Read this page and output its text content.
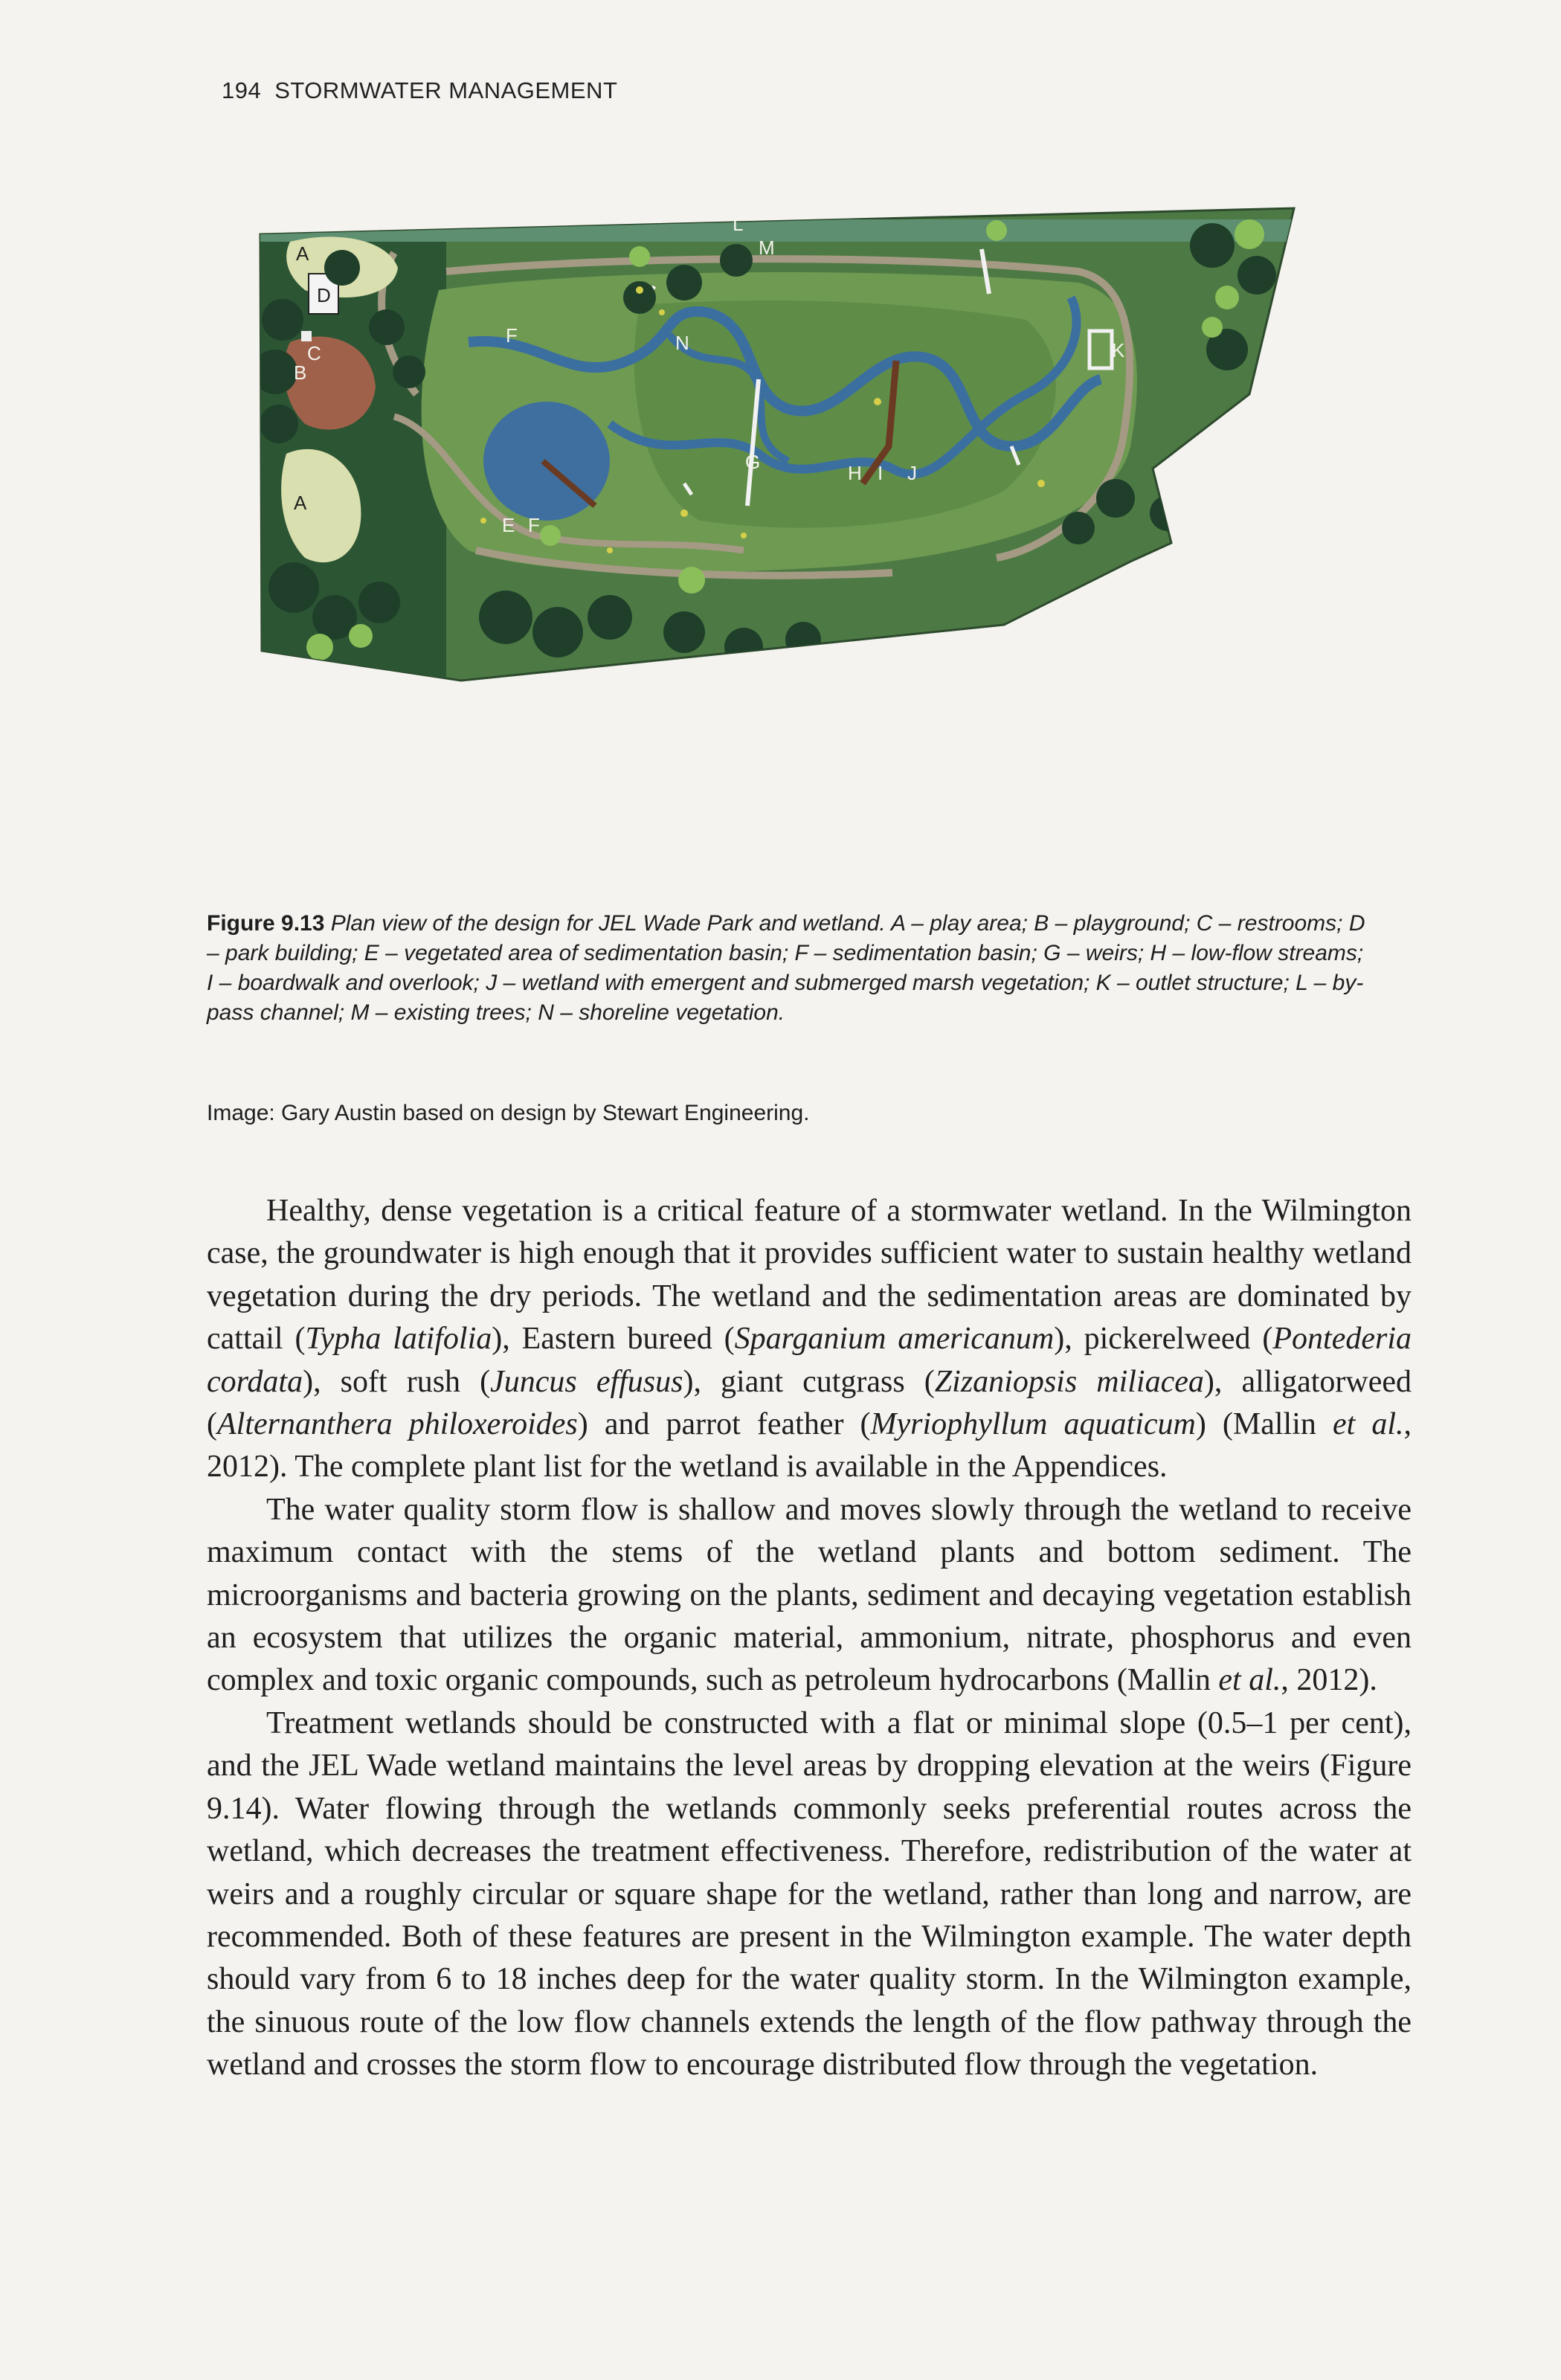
194 STORMWATER MANAGEMENT
A
D
C
B
A
E F
F
G	H I J
K
L
M
N
Figure 9.13 Plan view of the design for JEL Wade Park and wetland. A – play area; B – playground; C – restrooms; D – park building; E – vegetated area of sedimentation basin; F – sedimentation basin; G – weirs; H – low-flow streams; I – boardwalk and overlook; J – wetland with emergent and submerged marsh vegetation; K – outlet structure; L – by-pass channel; M – existing trees; N – shoreline vegetation.
Image: Gary Austin based on design by Stewart Engineering.

Healthy, dense vegetation is a critical feature of a stormwater wetland. In the Wilmington case, the groundwater is high enough that it provides sufficient water to sustain healthy wetland vegetation during the dry periods. The wetland and the sedimentation areas are dominated by cattail (Typha latifolia), Eastern bureed (Sparganium americanum), pickerelweed (Pontederia cordata), soft rush (Juncus effusus), giant cutgrass (Zizaniopsis miliacea), alligatorweed (Alternanthera philoxeroides) and parrot feather (Myriophyllum aquaticum) (Mallin et al., 2012). The complete plant list for the wetland is available in the Appendices.

The water quality storm flow is shallow and moves slowly through the wetland to receive maximum contact with the stems of the wetland plants and bottom sediment. The microorganisms and bacteria growing on the plants, sediment and decaying vegetation establish an ecosystem that utilizes the organic material, ammonium, nitrate, phosphorus and even complex and toxic organic compounds, such as petroleum hydrocarbons (Mallin et al., 2012).

Treatment wetlands should be constructed with a flat or minimal slope (0.5–1 per cent), and the JEL Wade wetland maintains the level areas by dropping elevation at the weirs (Figure 9.14). Water flowing through the wetlands commonly seeks preferential routes across the wetland, which decreases the treatment effectiveness. Therefore, redistribution of the water at weirs and a roughly circular or square shape for the wetland, rather than long and narrow, are recommended. Both of these features are present in the Wilmington example. The water depth should vary from 6 to 18 inches deep for the water quality storm. In the Wilmington example, the sinuous route of the low flow channels extends the length of the flow pathway through the wetland and crosses the storm flow to encourage distributed flow through the vegetation.
